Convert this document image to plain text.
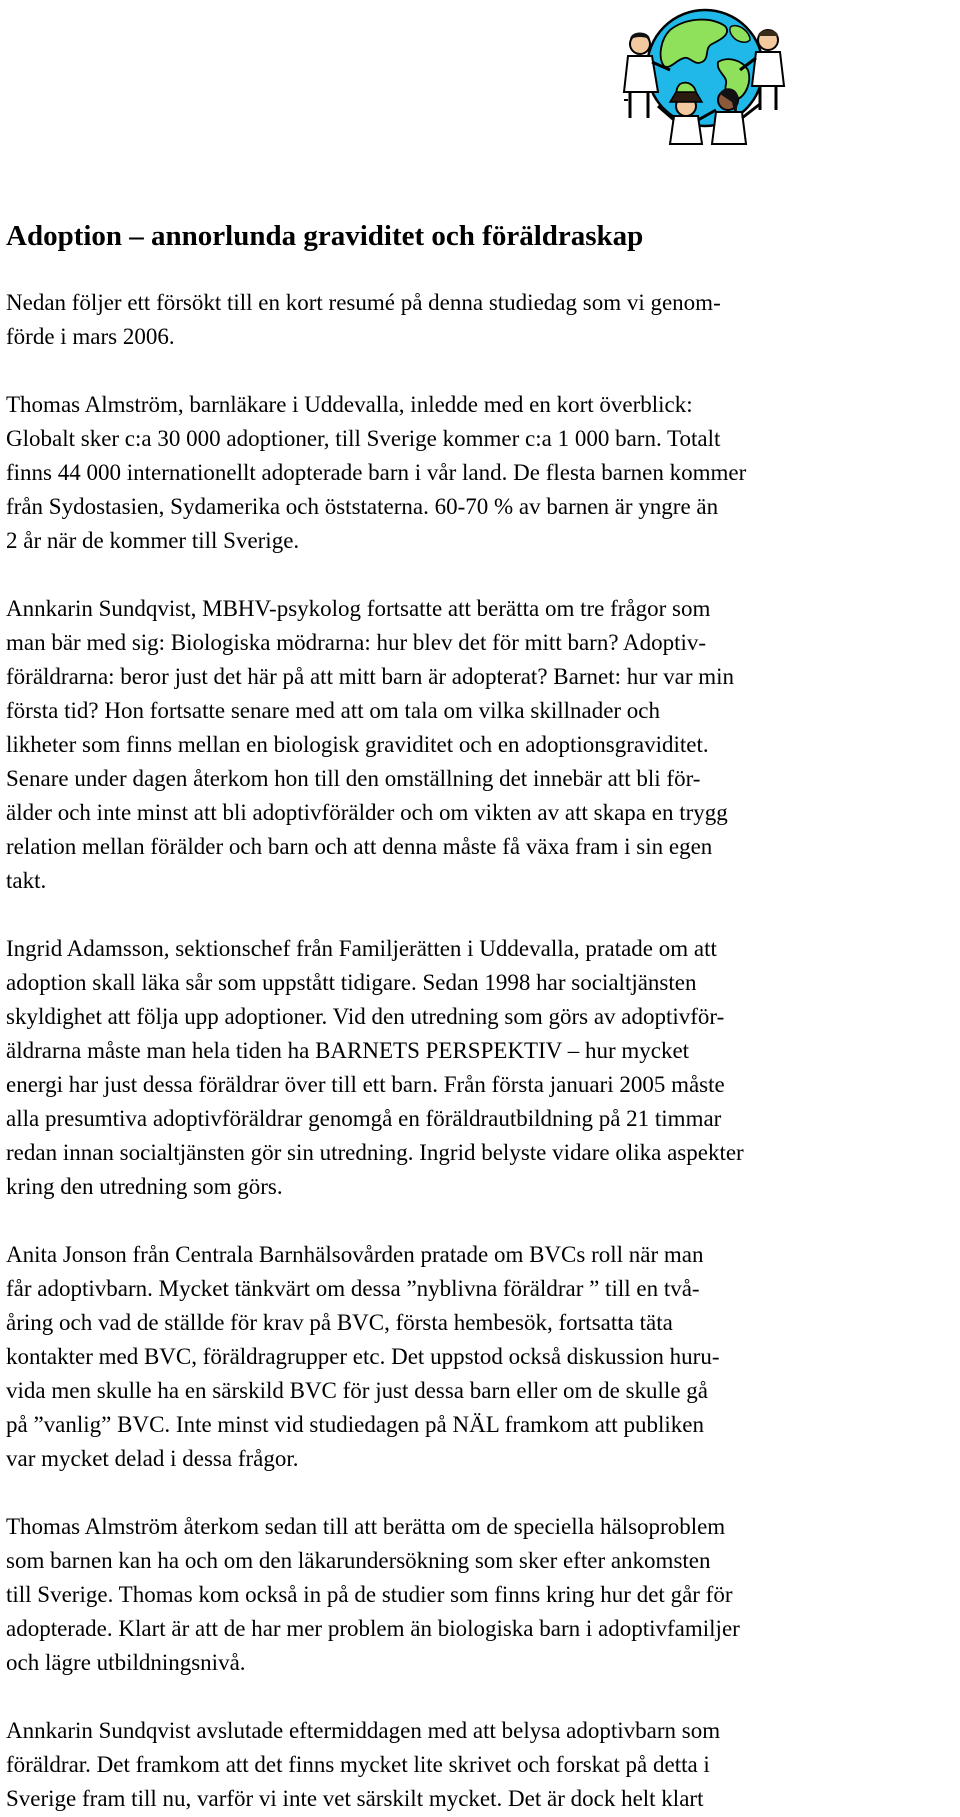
Adoption – annorlunda graviditet och föräldraskap

Nedan följer ett försökt till en kort resumé på denna studiedag som vi genom-
förde i mars 2006.

Thomas Almström, barnläkare i Uddevalla, inledde med en kort överblick:
Globalt sker c:a 30 000 adoptioner, till Sverige kommer c:a 1 000 barn. Totalt
finns 44 000 internationellt adopterade barn i vår land. De flesta barnen kommer
från Sydostasien, Sydamerika och öststaterna. 60-70 % av barnen är yngre än
2 år när de kommer till Sverige.

Annkarin Sundqvist, MBHV-psykolog fortsatte att berätta om tre frågor som
man bär med sig: Biologiska mödrarna: hur blev det för mitt barn? Adoptiv-
föräldrarna: beror just det här på att mitt barn är adopterat? Barnet: hur var min
första tid? Hon fortsatte senare med att om tala om vilka skillnader och
likheter som finns mellan en biologisk graviditet och en adoptionsgraviditet.
Senare under dagen återkom hon till den omställning det innebär att bli för-
älder och inte minst att bli adoptivförälder och om vikten av att skapa en trygg
relation mellan förälder och barn och att denna måste få växa fram i sin egen
takt.

Ingrid Adamsson, sektionschef från Familjerätten i Uddevalla, pratade om att
adoption skall läka sår som uppstått tidigare. Sedan 1998 har socialtjänsten
skyldighet att följa upp adoptioner. Vid den utredning som görs av adoptivför-
äldrarna måste man hela tiden ha BARNETS PERSPEKTIV – hur mycket
energi har just dessa föräldrar över till ett barn. Från första januari 2005 måste
alla presumtiva adoptivföräldrar genomgå en föräldrautbildning på 21 timmar
redan innan socialtjänsten gör sin utredning. Ingrid belyste vidare olika aspekter
kring den utredning som görs.

Anita Jonson från Centrala Barnhälsovården pratade om BVCs roll när man
får adoptivbarn. Mycket tänkvärt om dessa ”nyblivna föräldrar ” till en två-
åring och vad de ställde för krav på BVC, första hembesök, fortsatta täta
kontakter med BVC, föräldragrupper etc. Det uppstod också diskussion huru-
vida men skulle ha en särskild BVC för just dessa barn eller om de skulle gå
på ”vanlig” BVC. Inte minst vid studiedagen på NÄL framkom att publiken
var mycket delad i dessa frågor.

Thomas Almström återkom sedan till att berätta om de speciella hälsoproblem
som barnen kan ha och om den läkarundersökning som sker efter ankomsten
till Sverige. Thomas kom också in på de studier som finns kring hur det går för
adopterade. Klart är att de har mer problem än biologiska barn i adoptivfamiljer
och lägre utbildningsnivå.

Annkarin Sundqvist avslutade eftermiddagen med att belysa adoptivbarn som
föräldrar. Det framkom att det finns mycket lite skrivet och forskat på detta i
Sverige fram till nu, varför vi inte vet särskilt mycket. Det är dock helt klart
